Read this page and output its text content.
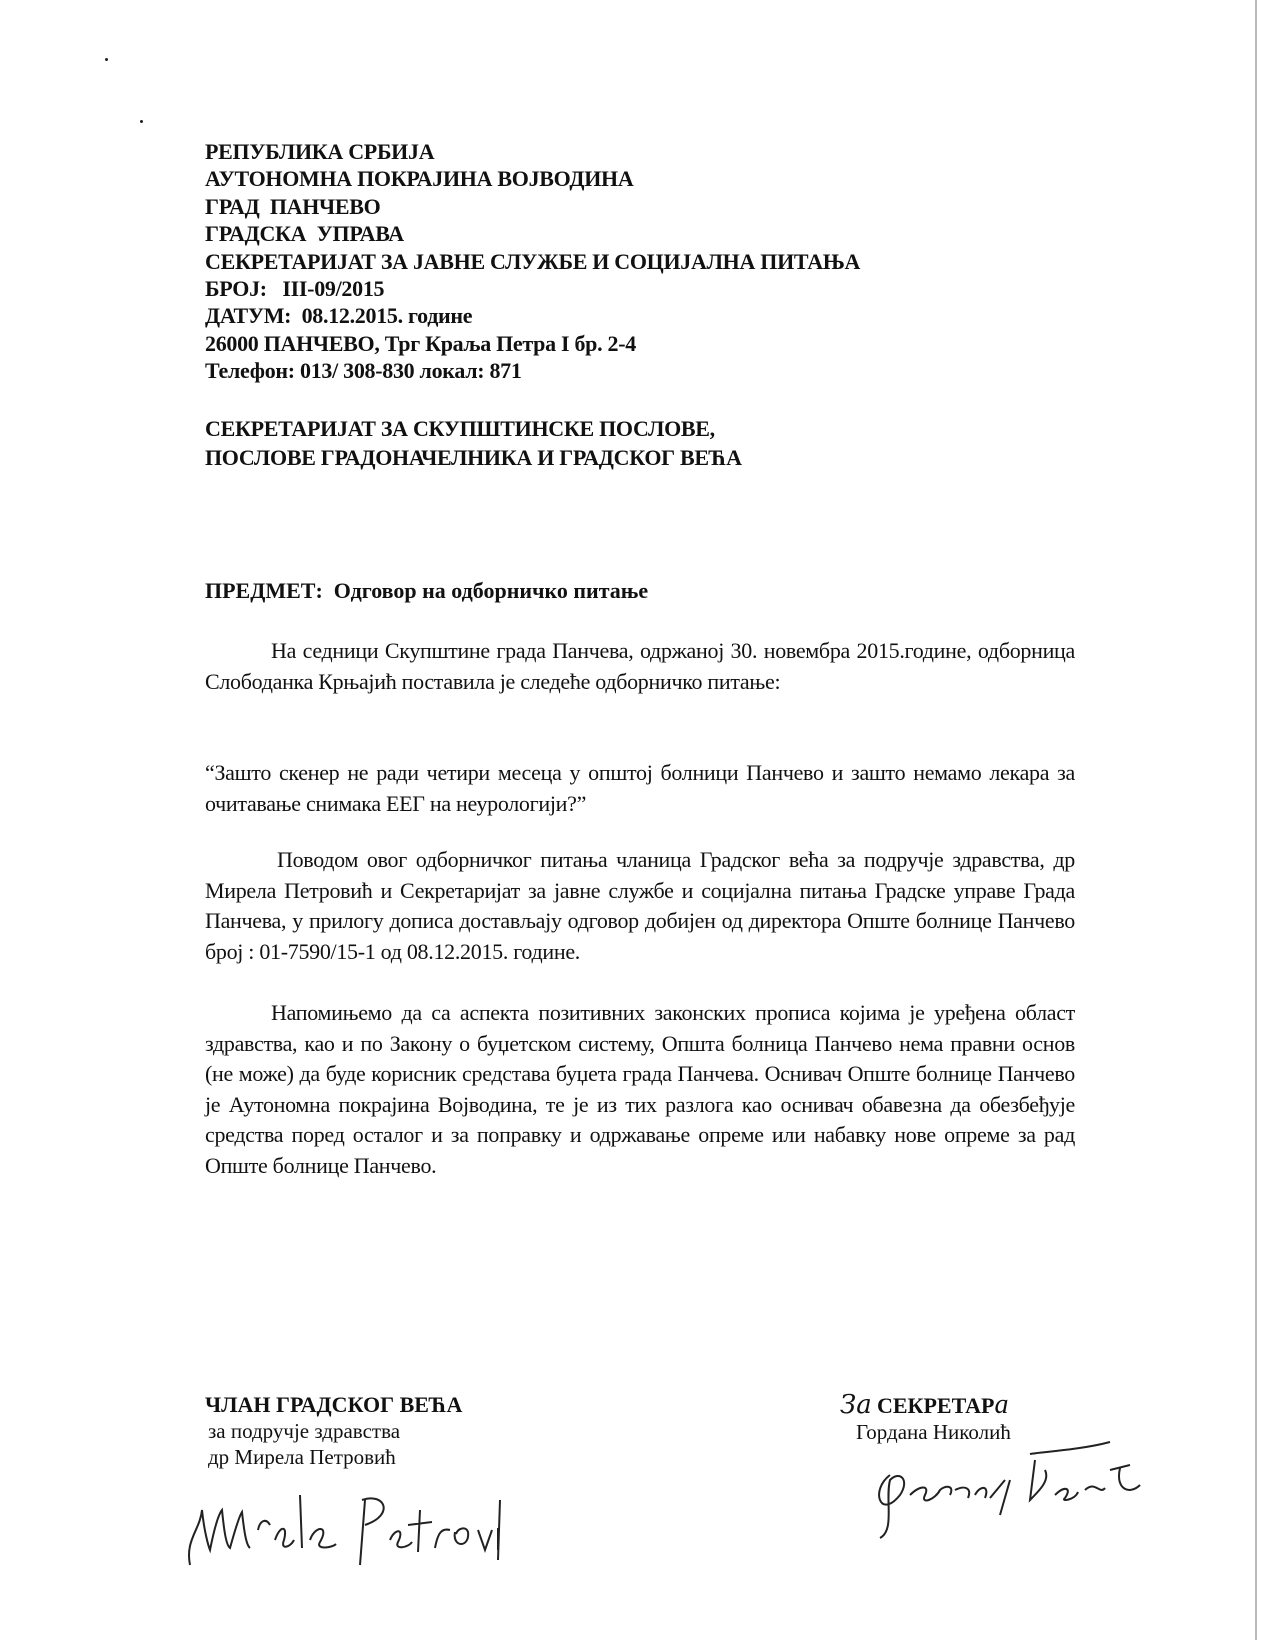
РЕПУБЛИКА СРБИЈА
АУТОНОМНА ПОКРАЈИНА ВОЈВОДИНА
ГРАД  ПАНЧЕВО
ГРАДСКА  УПРАВА
СЕКРЕТАРИЈАТ ЗА ЈАВНЕ СЛУЖБЕ И СОЦИЈАЛНА ПИТАЊА
БРОЈ:   III-09/2015
ДАТУМ:  08.12.2015. године
26000 ПАНЧЕВО, Трг Краља Петра I бр. 2-4
Телефон: 013/ 308-830 локал: 871
СЕКРЕТАРИЈАТ ЗА СКУПШТИНСКЕ ПОСЛОВЕ,
ПОСЛОВЕ ГРАДОНАЧЕЛНИКА И ГРАДСКОГ ВЕЋА
ПРЕДМЕТ:  Одговор на одборничко питање
На седници Скупштине града Панчева, одржаној 30. новембра 2015.године, одборница Слободанка Крњајић поставила је следеће одборничко питање:
“Зашто скенер не ради четири месеца у општој болници Панчево и зашто немамо лекара за очитавање снимака ЕЕГ на неурологији?”
Поводом овог одборничког питања чланица Градског већа за подручје здравства, др Мирела Петровић и Секретаријат за јавне службе и социјална питања Градске управе Града Панчева, у прилогу дописа достављају одговор добијен од директора Опште болнице Панчево број : 01-7590/15-1 од 08.12.2015. године.
Напомињемо да са аспекта позитивних законских прописа којима је уређена област здравства, као и по Закону о буџетском систему, Општа болница Панчево нема правни основ (не може) да буде корисник средстава буџета града Панчева. Оснивач Опште болнице Панчево је Аутономна покрајина Војводина, те је из тих разлога као оснивач обавезна да обезбеђује средства поред осталог и за поправку и одржавање опреме или набавку нове опреме за рад Опште болнице Панчево.
ЧЛАН ГРАДСКОГ ВЕЋА
за подручје здравства
др Мирела Петровић
За СЕКРЕТАРа
Гордана Николић
